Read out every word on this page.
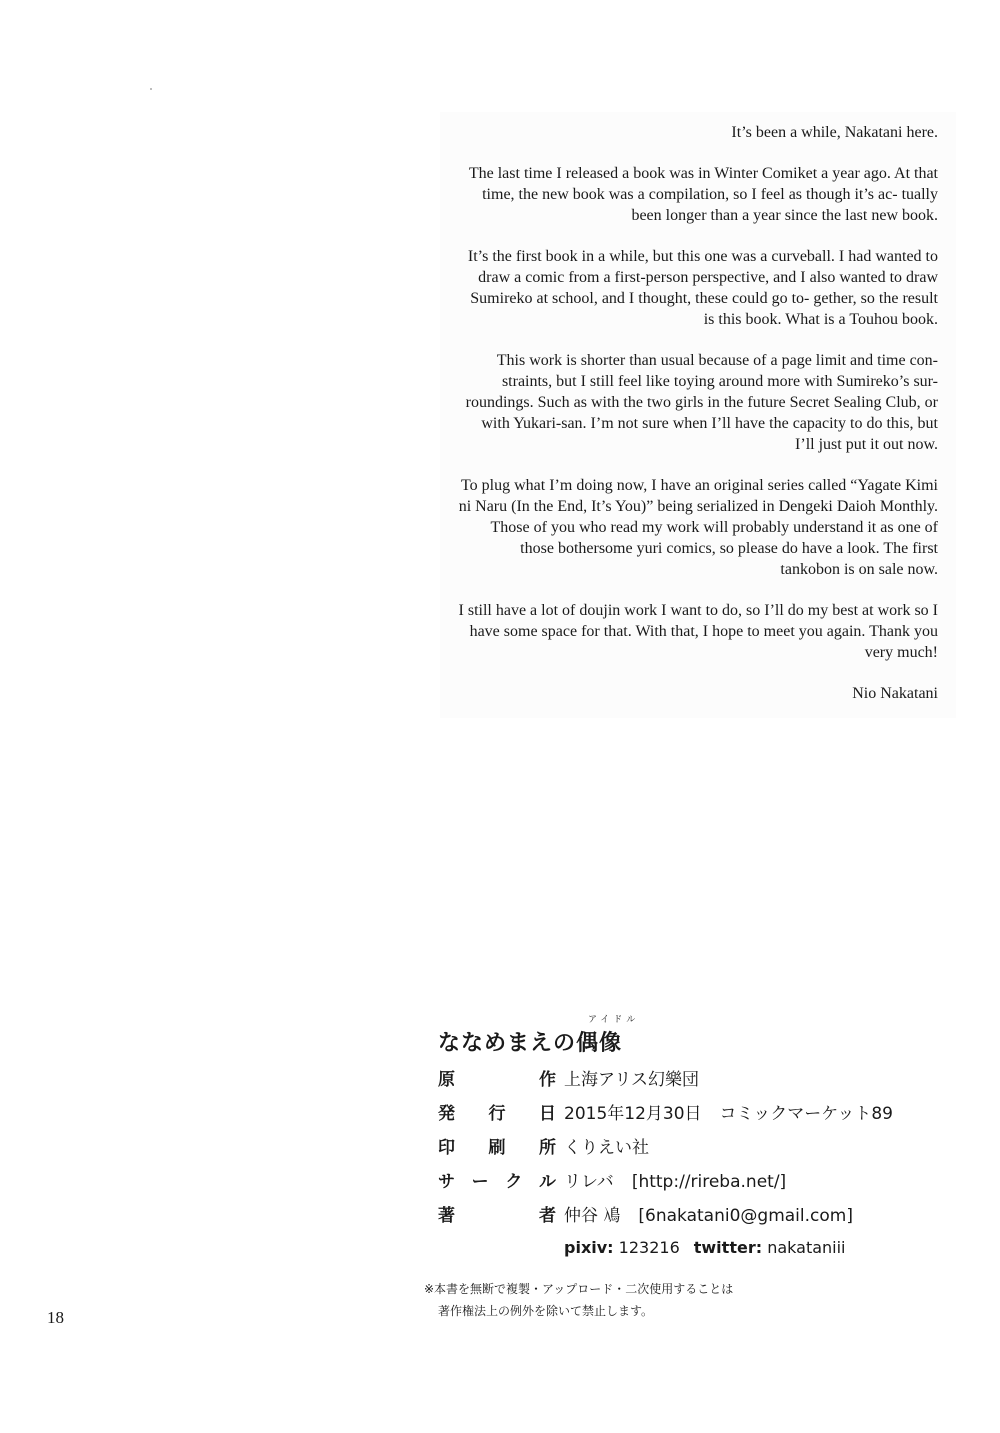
It’s been a while, Nakatani here.

The last time I released a book was in Winter Comiket a year ago. At that time, the new book was a compilation, so I feel as though it’s ac- tually been longer than a year since the last new book.

It’s the first book in a while, but this one was a curveball. I had wanted to draw a comic from a first-person perspective, and I also wanted to draw Sumireko at school, and I thought, these could go to- gether, so the result is this book. What is a Touhou book.

This work is shorter than usual because of a page limit and time con- straints, but I still feel like toying around more with Sumireko’s sur- roundings. Such as with the two girls in the future Secret Sealing Club, or with Yukari-san. I’m not sure when I’ll have the capacity to do this, but I’ll just put it out now.

To plug what I’m doing now, I have an original series called “Yagate Kimi ni Naru (In the End, It’s You)” being serialized in Dengeki Daioh Monthly. Those of you who read my work will probably understand it as one of those bothersome yuri comics, so please do have a look. The first tankobon is on sale now.

I still have a lot of doujin work I want to do, so I’ll do my best at work so I have some space for that. With that, I hope to meet you again. Thank you very much!

Nio Nakatani

アイドル
ななめまえの偶像
原	作 上海アリス幻樂団
発 行 日 2015年12月30日 コミックマーケット89
印 刷 所 くりえい社
サ ー ク ル リレバ [http://rireba.net/]
著	者 仲谷 鳰 [6nakatani0@gmail.com]
pixiv:
123216 twitter:
nakataniii
※本書を無断で複製・アップロード・二次使用することは
著作権法上の例外を除いて禁止します。
18
